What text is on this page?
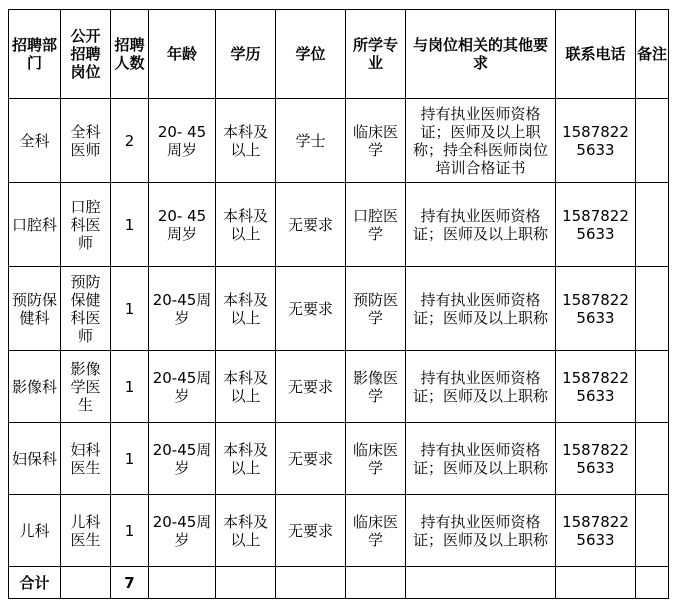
招聘部门	公开招聘岗位	招聘人数	年龄	学历	学位	所学专业	与岗位相关的其他要求	联系电话	备注
全科	全科医师	2	20- 45周岁	本科及以上	学士	临床医学	持有执业医师资格证；医师及以上职称；持全科医师岗位培训合格证书	15878225633	
口腔科	口腔科医师	1	20- 45周岁	本科及以上	无要求	口腔医学	持有执业医师资格证；医师及以上职称	15878225633	
预防保健科	预防保健科医师	1	20-45周岁	本科及以上	无要求	预防医学	持有执业医师资格证；医师及以上职称	15878225633	
影像科	影像学医生	1	20-45周岁	本科及以上	无要求	影像医学	持有执业医师资格证；医师及以上职称	15878225633	
妇保科	妇科医生	1	20-45周岁	本科及以上	无要求	临床医学	持有执业医师资格证；医师及以上职称	15878225633	
儿科	儿科医生	1	20-45周岁	本科及以上	无要求	临床医学	持有执业医师资格证；医师及以上职称	15878225633	
合计		7							
